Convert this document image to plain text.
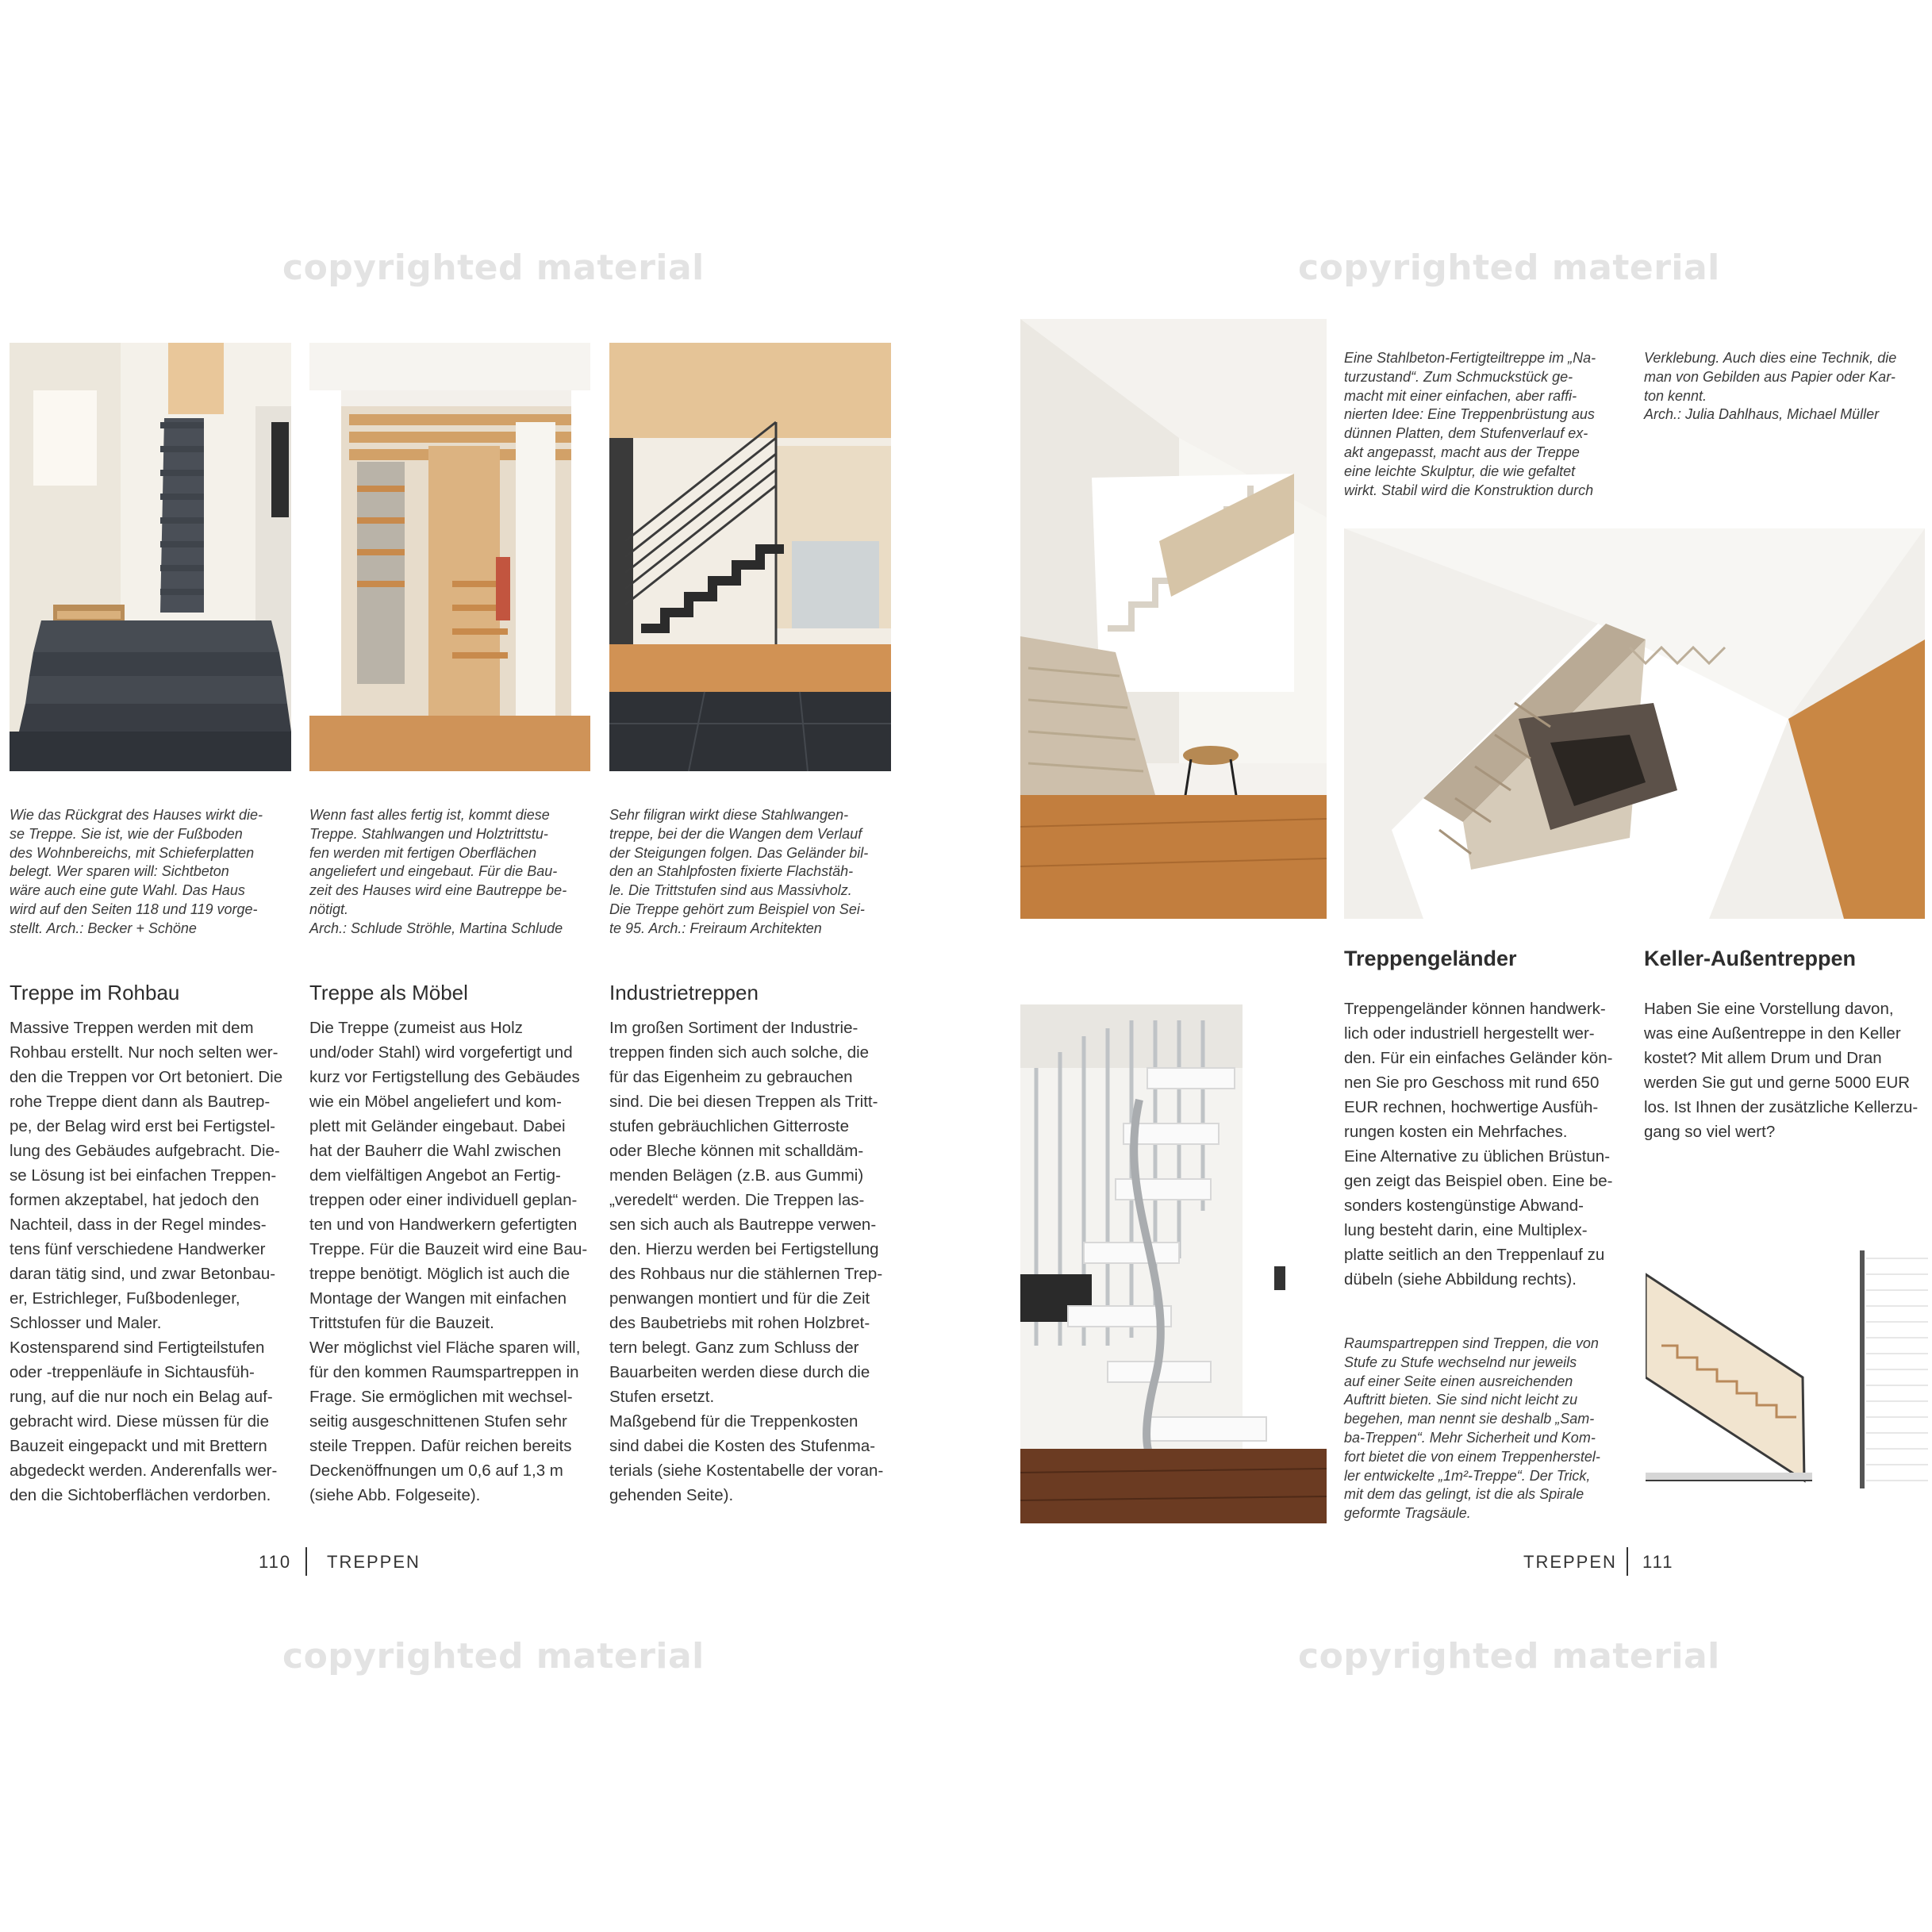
copyrighted material	copyrighted material
copyrighted material	copyrighted material
Wie das Rückgrat des Hauses wirkt die-
se Treppe. Sie ist, wie der Fußboden
des Wohnbereichs, mit Schieferplatten
belegt. Wer sparen will: Sichtbeton
wäre auch eine gute Wahl. Das Haus
wird auf den Seiten 118 und 119 vorge-
stellt. Arch.: Becker + Schöne
Wenn fast alles fertig ist, kommt diese
Treppe. Stahlwangen und Holztrittstu-
fen werden mit fertigen Oberflächen
angeliefert und eingebaut. Für die Bau-
zeit des Hauses wird eine Bautreppe be-
nötigt.
Arch.: Schlude Ströhle, Martina Schlude
Sehr filigran wirkt diese Stahlwangen-
treppe, bei der die Wangen dem Verlauf
der Steigungen folgen. Das Geländer bil-
den an Stahlpfosten fixierte Flachstäh-
le. Die Trittstufen sind aus Massivholz.
Die Treppe gehört zum Beispiel von Sei-
te 95. Arch.: Freiraum Architekten
Treppe im Rohbau
Massive Treppen werden mit dem
Rohbau erstellt. Nur noch selten wer-
den die Treppen vor Ort betoniert. Die
rohe Treppe dient dann als Bautrep-
pe, der Belag wird erst bei Fertigstel-
lung des Gebäudes aufgebracht. Die-
se Lösung ist bei einfachen Treppen-
formen akzeptabel, hat jedoch den
Nachteil, dass in der Regel mindes-
tens fünf verschiedene Handwerker
daran tätig sind, und zwar Betonbau-
er, Estrichleger, Fußbodenleger,
Schlosser und Maler.
Kostensparend sind Fertigteilstufen
oder -treppenläufe in Sichtausfüh-
rung, auf die nur noch ein Belag auf-
gebracht wird. Diese müssen für die
Bauzeit eingepackt und mit Brettern
abgedeckt werden. Anderenfalls wer-
den die Sichtoberflächen verdorben.
Treppe als Möbel
Die Treppe (zumeist aus Holz
und/oder Stahl) wird vorgefertigt und
kurz vor Fertigstellung des Gebäudes
wie ein Möbel angeliefert und kom-
plett mit Geländer eingebaut. Dabei
hat der Bauherr die Wahl zwischen
dem vielfältigen Angebot an Fertig-
treppen oder einer individuell geplan-
ten und von Handwerkern gefertigten
Treppe. Für die Bauzeit wird eine Bau-
treppe benötigt. Möglich ist auch die
Montage der Wangen mit einfachen
Trittstufen für die Bauzeit.
Wer möglichst viel Fläche sparen will,
für den kommen Raumspartreppen in
Frage. Sie ermöglichen mit wechsel-
seitig ausgeschnittenen Stufen sehr
steile Treppen. Dafür reichen bereits
Deckenöffnungen um 0,6 auf 1,3 m
(siehe Abb. Folgeseite).
Industrietreppen
Im großen Sortiment der Industrie-
treppen finden sich auch solche, die
für das Eigenheim zu gebrauchen
sind. Die bei diesen Treppen als Tritt-
stufen gebräuchlichen Gitterroste
oder Bleche können mit schalldäm-
menden Belägen (z.B. aus Gummi)
„veredelt“ werden. Die Treppen las-
sen sich auch als Bautreppe verwen-
den. Hierzu werden bei Fertigstellung
des Rohbaus nur die stählernen Trep-
penwangen montiert und für die Zeit
des Baubetriebs mit rohen Holzbret-
tern belegt. Ganz zum Schluss der
Bauarbeiten werden diese durch die
Stufen ersetzt.
Maßgebend für die Treppenkosten
sind dabei die Kosten des Stufenma-
terials (siehe Kostentabelle der voran-
gehenden Seite).
110 TREPPEN
Eine Stahlbeton-Fertigteiltreppe im „Na-
turzustand“. Zum Schmuckstück ge-
macht mit einer einfachen, aber raffi-
nierten Idee: Eine Treppenbrüstung aus
dünnen Platten, dem Stufenverlauf ex-
akt angepasst, macht aus der Treppe
eine leichte Skulptur, die wie gefaltet
wirkt. Stabil wird die Konstruktion durch
Verklebung. Auch dies eine Technik, die
man von Gebilden aus Papier oder Kar-
ton kennt.
Arch.: Julia Dahlhaus, Michael Müller
Treppengeländer
Treppengeländer können handwerk-
lich oder industriell hergestellt wer-
den. Für ein einfaches Geländer kön-
nen Sie pro Geschoss mit rund 650
EUR rechnen, hochwertige Ausfüh-
rungen kosten ein Mehrfaches.
Eine Alternative zu üblichen Brüstun-
gen zeigt das Beispiel oben. Eine be-
sonders kostengünstige Abwand-
lung besteht darin, eine Multiplex-
platte seitlich an den Treppenlauf zu
dübeln (siehe Abbildung rechts).
Keller-Außentreppen
Haben Sie eine Vorstellung davon,
was eine Außentreppe in den Keller
kostet? Mit allem Drum und Dran
werden Sie gut und gerne 5000 EUR
los. Ist Ihnen der zusätzliche Kellerzu-
gang so viel wert?
Raumspartreppen sind Treppen, die von
Stufe zu Stufe wechselnd nur jeweils
auf einer Seite einen ausreichenden
Auftritt bieten. Sie sind nicht leicht zu
begehen, man nennt sie deshalb „Sam-
ba-Treppen“. Mehr Sicherheit und Kom-
fort bietet die von einem Treppenherstel-
ler entwickelte „1m²-Treppe“. Der Trick,
mit dem das gelingt, ist die als Spirale
geformte Tragsäule.
TREPPEN 111
